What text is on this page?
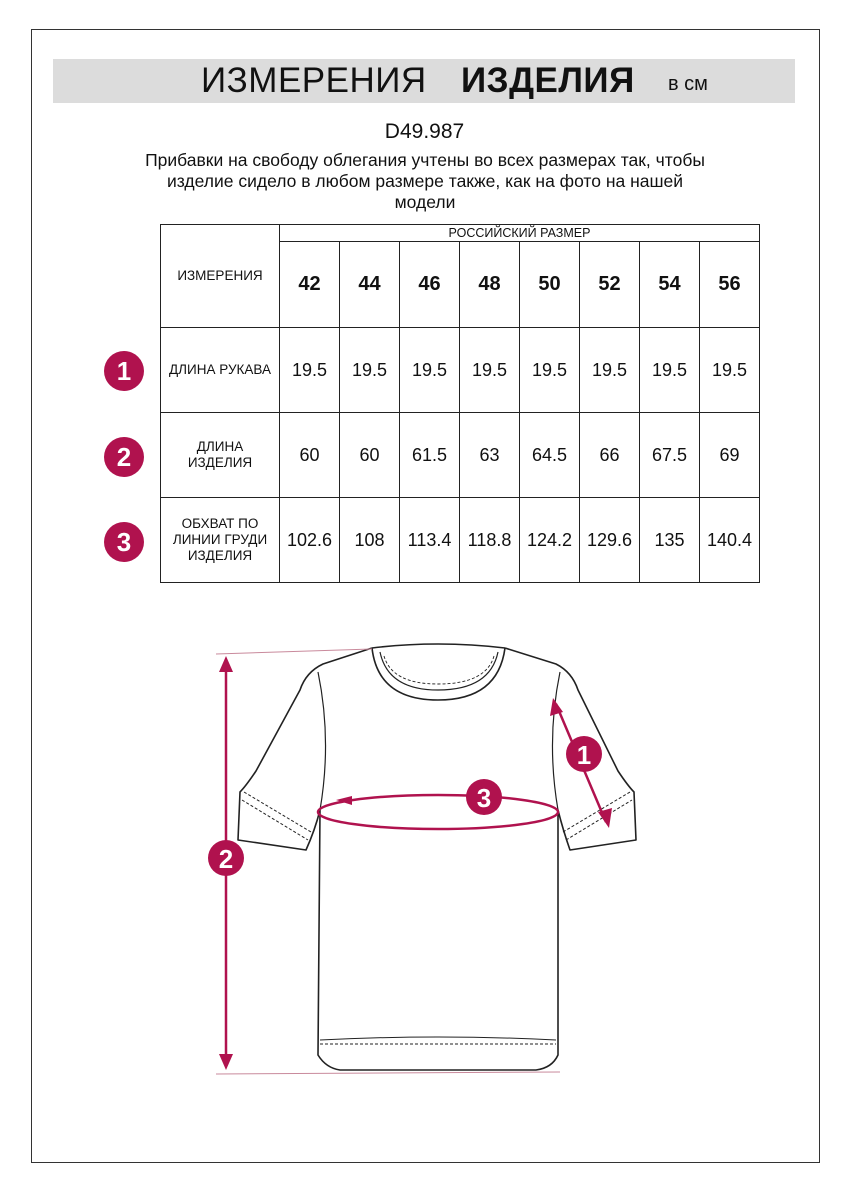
ИЗМЕРЕНИЯ ИЗДЕЛИЯ в см
D49.987
Прибавки на свободу облегания учтены во всех размерах так, чтобы
изделие сидело в любом размере также, как на фото на нашей
модели
ИЗМЕРЕНИЯ	РОССИЙСКИЙ РАЗМЕР							
	42	44	46	48	50	52	54	56

ДЛИНА РУКАВА	19.5	19.5	19.5	19.5	19.5	19.5	19.5	19.5

ДЛИНА
ИЗДЕЛИЯ	60	60	61.5	63	64.5	66	67.5	69

ОБХВАТ ПО
ЛИНИИ ГРУДИ
ИЗДЕЛИЯ	102.6	108	113.4	118.8	124.2	129.6	135	140.4
1
2
3
1
2
3
